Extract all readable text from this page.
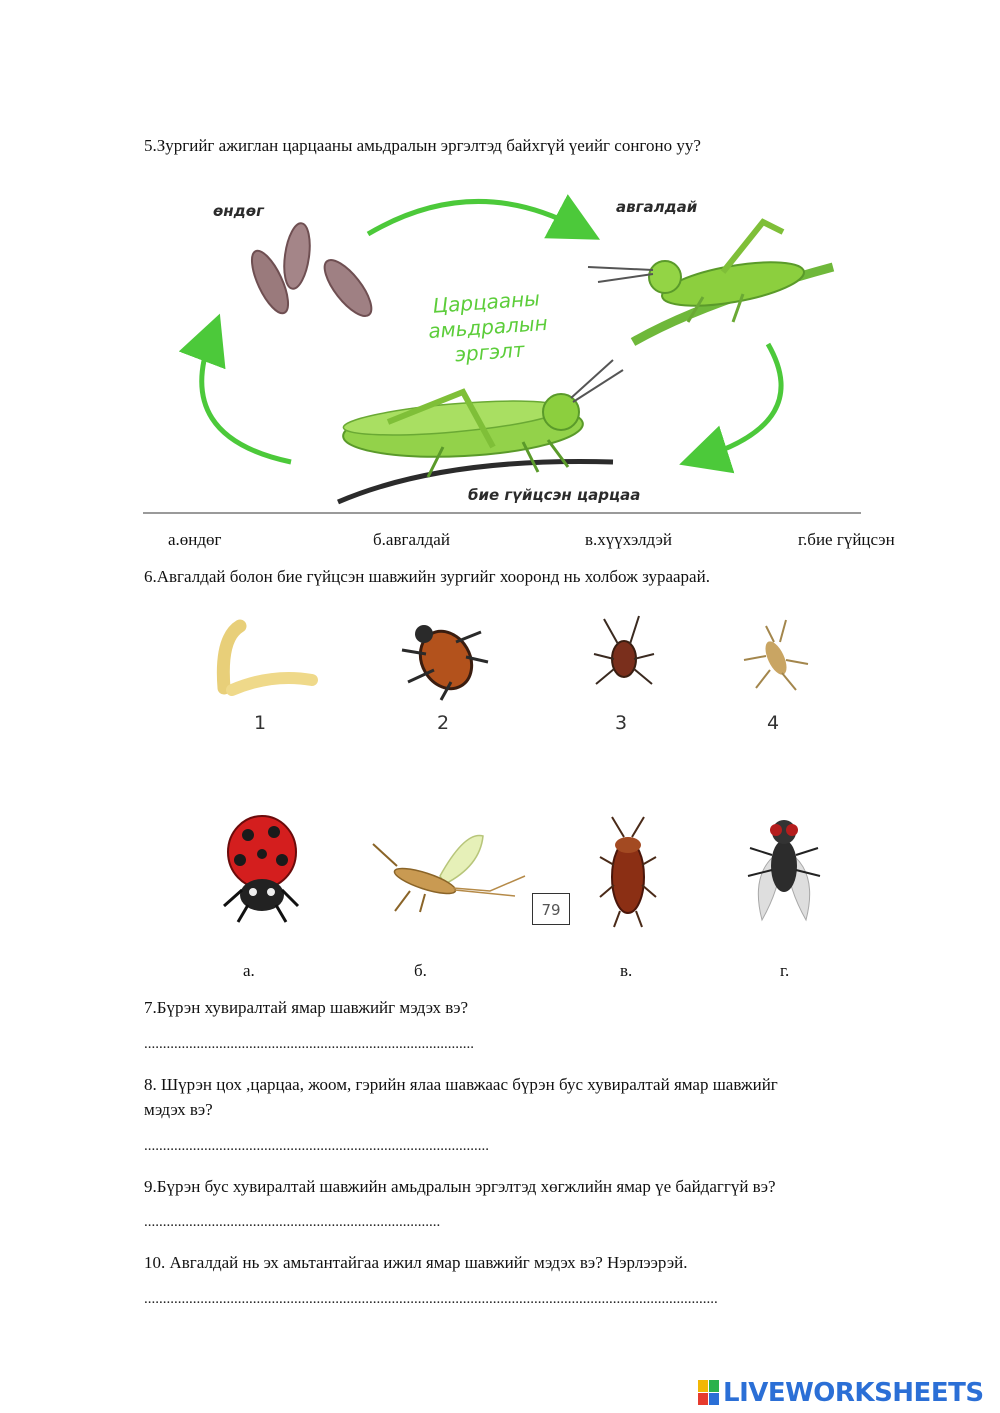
5.Зургийг ажиглан царцааны амьдралын эргэлтэд байхгүй үеийг сонгоно уу?
өндөг	авгалдай
бие гүйцсэн царцаа
Царцааны
амьдралын
эргэлт
а.өндөг	б.авгалдай	в.хүүхэлдэй	г.бие гүйцсэн
6.Авгалдай болон бие гүйцсэн шавжийн зургийг хооронд нь холбож зураарай.
1	2	3	4
79
а.	б.	в.	г.
7.Бүрэн хувиралтай ямар шавжийг мэдэх вэ?
........................................................................................
8. Шүрэн цох ,царцаа, жоом, гэрийн ялаа шавжаас бүрэн бус хувиралтай ямар шавжийг
мэдэх вэ?
............................................................................................
9.Бүрэн бус хувиралтай шавжийн амьдралын эргэлтэд хөгжлийн ямар үе байдаггүй вэ?
...............................................................................
10. Авгалдай нь эх амьтантайгаа ижил ямар шавжийг мэдэх вэ? Нэрлээрэй.
.........................................................................................................................................................
LIVEWORKSHEETS
